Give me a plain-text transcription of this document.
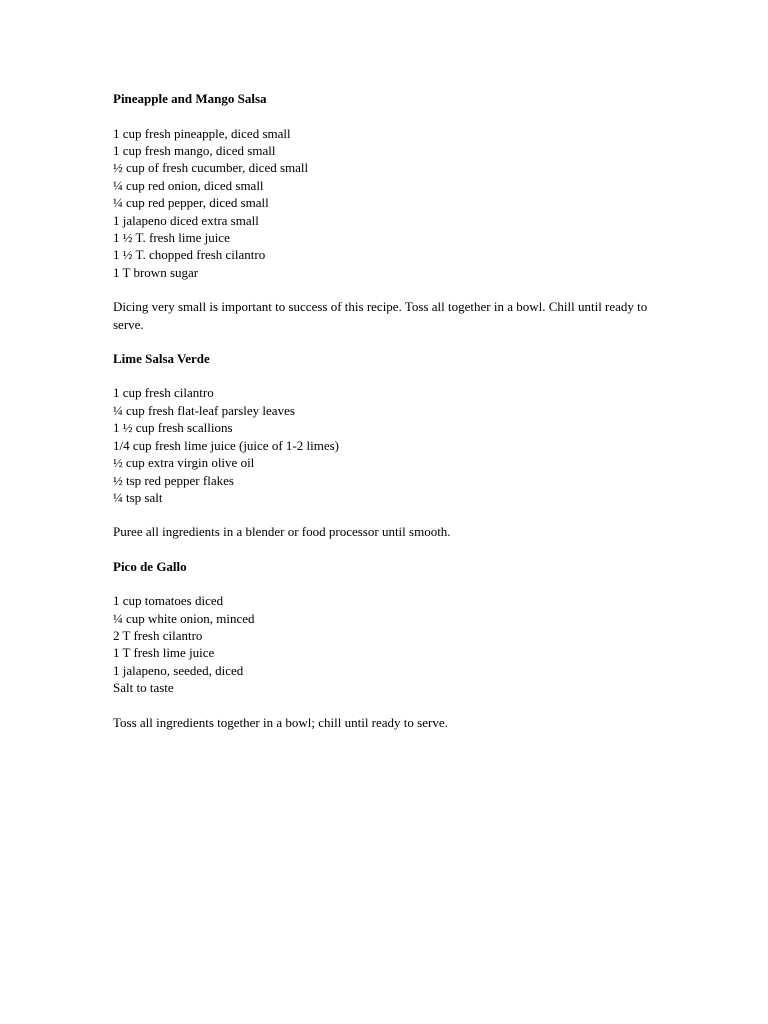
Pineapple and Mango Salsa
1 cup fresh pineapple, diced small
1 cup fresh mango, diced small
½ cup of fresh cucumber, diced small
¼ cup red onion, diced small
¼ cup red pepper, diced small
1 jalapeno diced extra small
1 ½ T. fresh lime juice
1 ½ T. chopped fresh cilantro
1 T brown sugar

Dicing very small is important to success of this recipe. Toss all together in a bowl. Chill until ready to serve.

Lime Salsa Verde
1 cup fresh cilantro
¼ cup fresh flat-leaf parsley leaves
1 ½ cup fresh scallions
1/4 cup fresh lime juice (juice of 1-2 limes)
½ cup extra virgin olive oil
½ tsp red pepper flakes
¼ tsp salt

Puree all ingredients in a blender or food processor until smooth.

Pico de Gallo
1 cup tomatoes diced
¼ cup white onion, minced
2 T fresh cilantro
1 T fresh lime juice
1 jalapeno, seeded, diced
Salt to taste

Toss all ingredients together in a bowl; chill until ready to serve.
